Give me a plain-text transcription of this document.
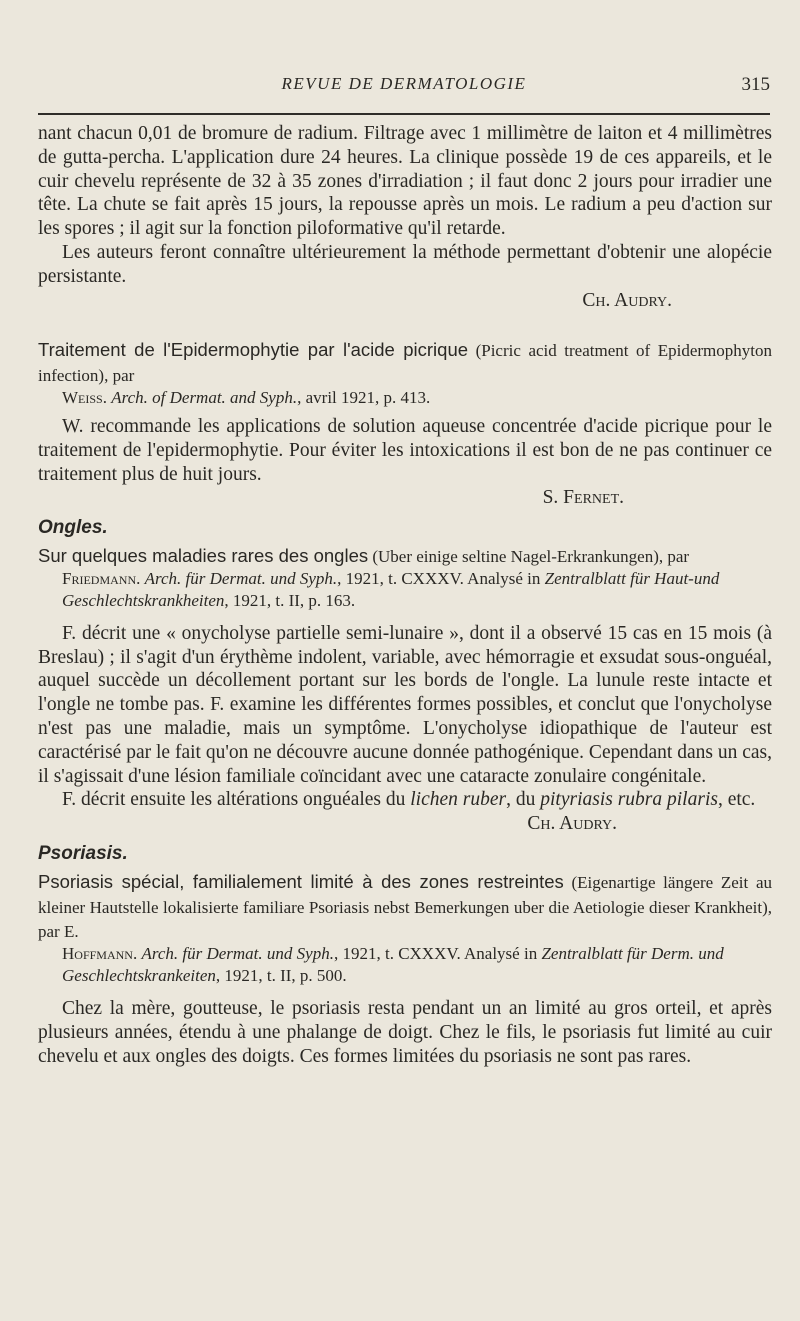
REVUE DE DERMATOLOGIE	315

nant chacun 0,01 de bromure de radium. Filtrage avec 1 millimètre de laiton et 4 millimètres de gutta-percha. L'application dure 24 heures. La clinique possède 19 de ces appareils, et le cuir chevelu représente de 32 à 35 zones d'irradiation ; il faut donc 2 jours pour irradier une tête. La chute se fait après 15 jours, la repousse après un mois. Le radium a peu d'action sur les spores ; il agit sur la fonction piloformative qu'il retarde.

Les auteurs feront connaître ultérieurement la méthode permettant d'obtenir une alopécie persistante.

Ch. Audry.

Traitement de l'Epidermophytie par l'acide picrique (Picric acid treatment of Epidermophyton infection), par
Weiss. Arch. of Dermat. and Syph., avril 1921, p. 413.

W. recommande les applications de solution aqueuse concentrée d'acide picrique pour le traitement de l'epidermophytie. Pour éviter les intoxications il est bon de ne pas continuer ce traitement plus de huit jours.

S. Fernet.

Ongles.
Sur quelques maladies rares des ongles (Uber einige seltine Nagel-Erkrankungen), par
Friedmann. Arch. für Dermat. und Syph., 1921, t. CXXXV. Analysé in Zentralblatt für Haut-und Geschlechtskrankheiten, 1921, t. II, p. 163.

F. décrit une « onycholyse partielle semi-lunaire », dont il a observé 15 cas en 15 mois (à Breslau) ; il s'agit d'un érythème indolent, variable, avec hémorragie et exsudat sous-onguéal, auquel succède un décollement portant sur les bords de l'ongle. La lunule reste intacte et l'ongle ne tombe pas. F. examine les différentes formes possibles, et conclut que l'onycholyse n'est pas une maladie, mais un symptôme. L'onycholyse idiopathique de l'auteur est caractérisé par le fait qu'on ne découvre aucune donnée pathogénique. Cependant dans un cas, il s'agissait d'une lésion familiale coïncidant avec une cataracte zonulaire congénitale.

F. décrit ensuite les altérations onguéales du lichen ruber, du pityriasis rubra pilaris, etc.

Ch. Audry.

Psoriasis.
Psoriasis spécial, familialement limité à des zones restreintes (Eigenartige längere Zeit au kleiner Hautstelle lokalisierte familiare Psoriasis nebst Bemerkungen uber die Aetiologie dieser Krankheit), par E.
Hoffmann. Arch. für Dermat. und Syph., 1921, t. CXXXV. Analysé in Zentralblatt für Derm. und Geschlechtskrankeiten, 1921, t. II, p. 500.

Chez la mère, goutteuse, le psoriasis resta pendant un an limité au gros orteil, et après plusieurs années, étendu à une phalange de doigt. Chez le fils, le psoriasis fut limité au cuir chevelu et aux ongles des doigts. Ces formes limitées du psoriasis ne sont pas rares.
